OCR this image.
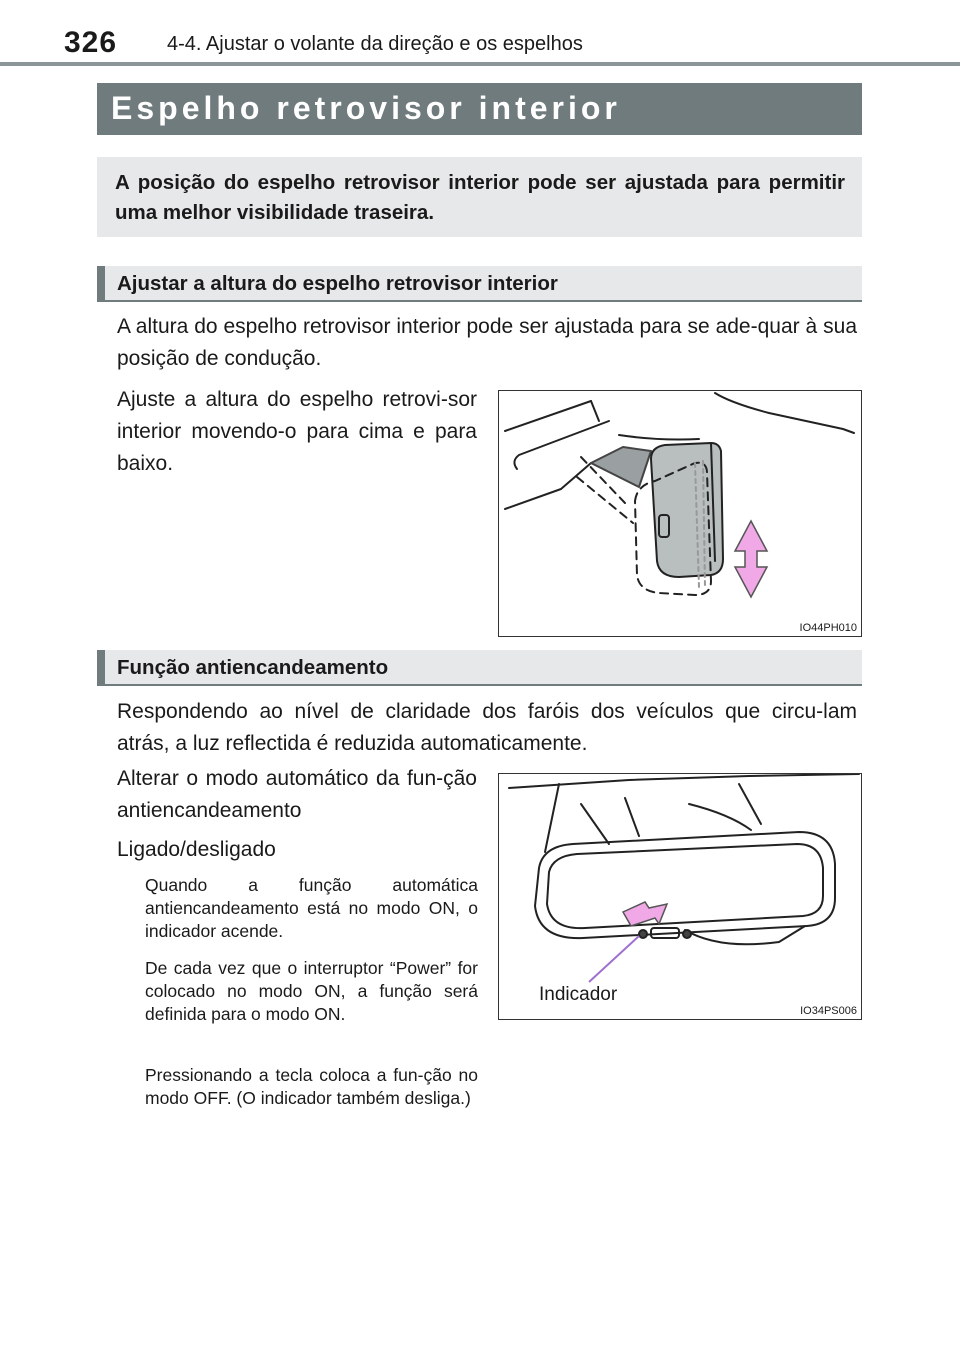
326 4-4. Ajustar o volante da direção e os espelhos
Espelho retrovisor interior
A posição do espelho retrovisor interior pode ser ajustada para permitir uma melhor visibilidade traseira.
Ajustar a altura do espelho retrovisor interior
A altura do espelho retrovisor interior pode ser ajustada para se ade-quar à sua posição de condução.
Ajuste a altura do espelho retrovi-sor interior movendo-o para cima e para baixo.
IO44PH010
Função antiencandeamento
Respondendo ao nível de claridade dos faróis dos veículos que circu-lam atrás, a luz reflectida é reduzida automaticamente.
Alterar o modo automático da fun-ção antiencandeamento
Ligado/desligado
Quando a função automática antiencandeamento está no modo ON, o indicador acende.
De cada vez que o interruptor “Power” for colocado no modo ON, a função será definida para o modo ON.
Pressionando a tecla coloca a fun-ção no modo OFF. (O indicador também desliga.)
Indicador
IO34PS006
